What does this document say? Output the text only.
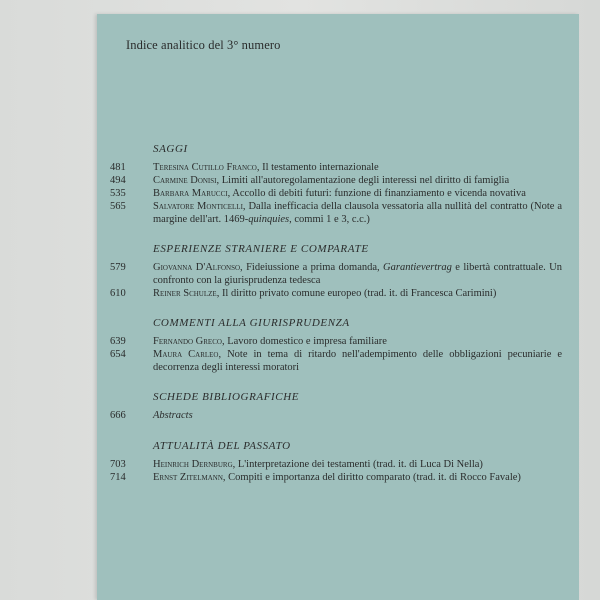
Indice analitico del 3° numero
SAGGI
481	Teresina Cutillo Franco, Il testamento internazionale
494	Carmine Donisi, Limiti all'autoregolamentazione degli interessi nel diritto di famiglia
535	Barbara Marucci, Accollo di debiti futuri: funzione di finanziamento e vicenda novativa
565	Salvatore Monticelli, Dalla inefficacia della clausola vessatoria alla nullità del contratto (Note a margine dell'art. 1469-quinquies, commi 1 e 3, c.c.)
ESPERIENZE STRANIERE E COMPARATE
579	Giovanna D'Alfonso, Fideiussione a prima domanda, Garantievertrag e libertà contrattuale. Un confronto con la giurisprudenza tedesca
610	Reiner Schulze, Il diritto privato comune europeo (trad. it. di Francesca Carimini)
COMMENTI ALLA GIURISPRUDENZA
639	Fernando Greco, Lavoro domestico e impresa familiare
654	Maura Carleo, Note in tema di ritardo nell'adempimento delle obbligazioni pecuniarie e decorrenza degli interessi moratori
SCHEDE BIBLIOGRAFICHE
666	Abstracts
ATTUALITÀ DEL PASSATO
703	Heinrich Dernburg, L'interpretazione dei testamenti (trad. it. di Luca Di Nella)
714	Ernst Zitelmann, Compiti e importanza del diritto comparato (trad. it. di Rocco Favale)
